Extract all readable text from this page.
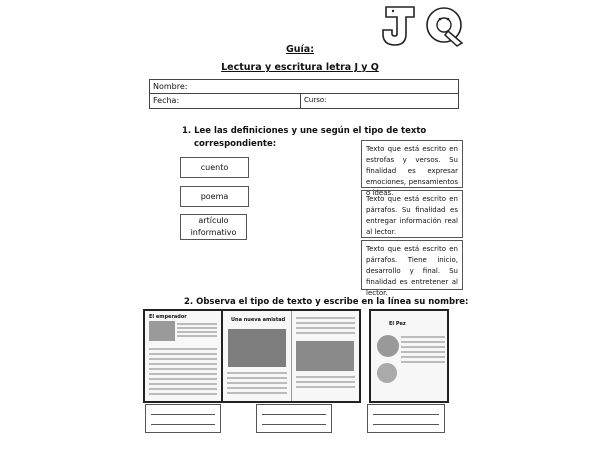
Guía:
Lectura y escritura letra J y Q
Nombre:
Fecha:	Curso:
1. Lee las definiciones y une según el tipo de texto
correspondiente:
cuento
poema
artículo informativo
Texto que está escrito en estrofas y versos. Su finalidad es expresar emociones, pensamientos o ideas.
Texto que está escrito en párrafos. Su finalidad es entregar información real al lector.
Texto que está escrito en párrafos. Tiene inicio, desarrollo y final. Su finalidad es entretener al lector.
2. Observa el tipo de texto y escribe en la línea su nombre:
El emperador	Una nueva amistad
El Pez
